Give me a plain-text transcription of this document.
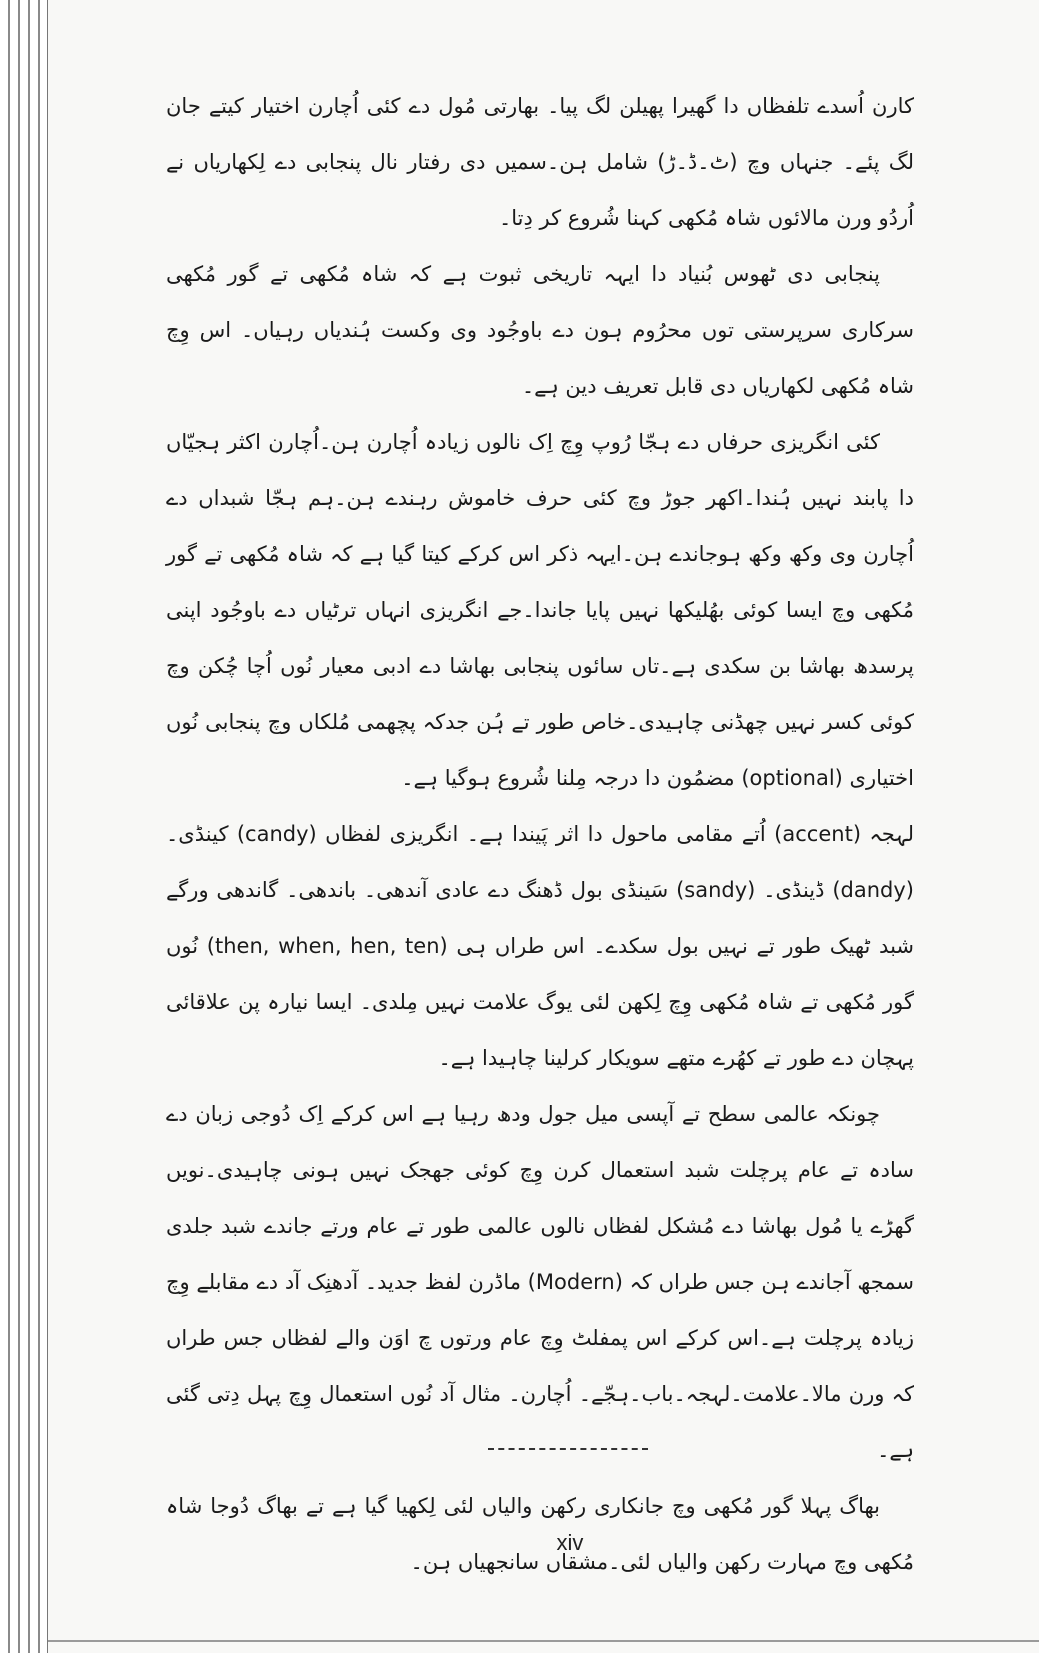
کارن اُسدے تلفظاں دا گھیرا پھیلن لگ پیا۔ بھارتی مُول دے کئی اُچارن اختیار کیتے جان لگ پئے۔ جنہاں وچ (ٹ۔ڈ۔ڑ) شامل ہن۔سمیں دی رفتار نال پنجابی دے لِکھاریاں نے اُردُو ورن مالائوں شاہ مُکھی کہنا شُروع کر دِتا۔

پنجابی دی ٹھوس بُنیاد دا ایہہ تاریخی ثبوت ہے کہ شاہ مُکھی تے گور مُکھی سرکاری سرپرستی توں محرُوم ہون دے باوجُود وی وکست ہُندیاں رہیاں۔ اس وِچ شاہ مُکھی لکھاریاں دی قابل تعریف دین ہے۔

کئی انگریزی حرفاں دے ہجّا رُوپ وِچ اِک نالوں زیادہ اُچارن ہن۔اُچارن اکثر ہجیّاں دا پابند نہیں ہُندا۔اکھر جوڑ وچ کئی حرف خاموش رہندے ہن۔ہم ہجّا شبداں دے اُچارن وی وکھ وکھ ہوجاندے ہن۔ایہہ ذکر اس کرکے کیتا گیا ہے کہ شاہ مُکھی تے گور مُکھی وچ ایسا کوئی بھُلیکھا نہیں پایا جاندا۔جے انگریزی انہاں ترٹیاں دے باوجُود اپنی پرسدھ بھاشا بن سکدی ہے۔تاں سائوں پنجابی بھاشا دے ادبی معیار نُوں اُچا چُکن وچ کوئی کسر نہیں چھڈنی چاہیدی۔خاص طور تے ہُن جدکہ پچھمی مُلکاں وچ پنجابی نُوں اختیاری (optional) مضمُون دا درجہ مِلنا شُروع ہوگیا ہے۔

لہجہ (accent) اُتے مقامی ماحول دا اثر پَیندا ہے۔ انگریزی لفظاں (candy) کینڈی۔ (dandy) ڈینڈی۔ (sandy) سَینڈی بول ڈھنگ دے عادی آندھی۔ باندھی۔ گاندھی ورگے شبد ٹھیک طور تے نہیں بول سکدے۔ اس طراں ہی (then, when, hen, ten) نُوں گور مُکھی تے شاہ مُکھی وِچ لِکھن لئی یوگ علامت نہیں مِلدی۔ ایسا نیارہ پن علاقائی پہچان دے طور تے کھُرے متھے سویکار کرلینا چاہیدا ہے۔

چونکہ عالمی سطح تے آپسی میل جول ودھ رہیا ہے اس کرکے اِک دُوجی زبان دے سادہ تے عام پرچلت شبد استعمال کرن وِچ کوئی جھجک نہیں ہونی چاہیدی۔نویں گھڑے یا مُول بھاشا دے مُشکل لفظاں نالوں عالمی طور تے عام ورتے جاندے شبد جلدی سمجھ آجاندے ہن جس طراں کہ (Modern) ماڈرن لفظ جدید۔ آدھنِک آد دے مقابلے وِچ زیادہ پرچلت ہے۔اس کرکے اس پمفلٹ وِچ عام ورتوں چ اوَن والے لفظاں جس طراں کہ ورن مالا۔علامت۔لہجہ۔باب۔ہجّے۔ اُچارن۔ مثال آد نُوں استعمال وِچ پہل دِتی گئی ہے۔

بھاگ پہلا گور مُکھی وچ جانکاری رکھن والیاں لئی لِکھیا گیا ہے تے بھاگ دُوجا شاہ مُکھی وچ مہارت رکھن والیاں لئی۔مشقاں سانجھیاں ہن۔

xiv
